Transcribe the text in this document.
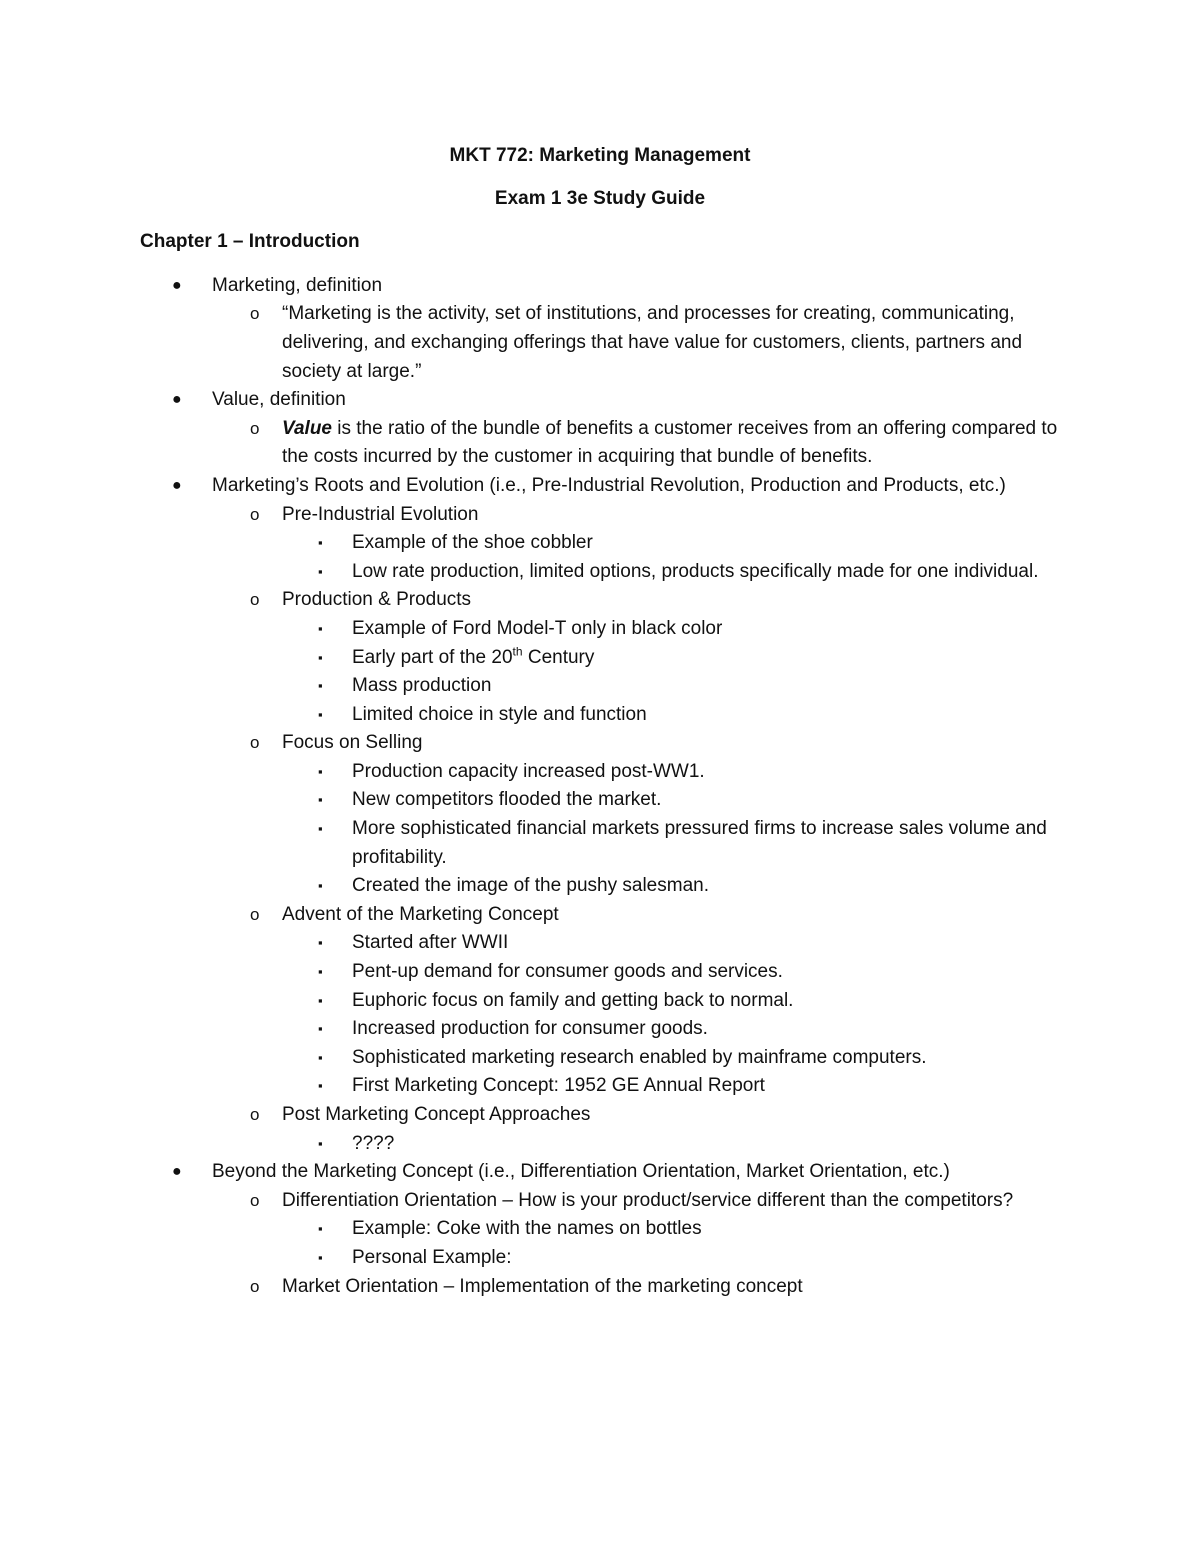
MKT 772: Marketing Management
Exam 1 3e Study Guide
Chapter 1 – Introduction
● Marketing, definition
o “Marketing is the activity, set of institutions, and processes for creating, communicating, delivering, and exchanging offerings that have value for customers, clients, partners and society at large.”
● Value, definition
o Value is the ratio of the bundle of benefits a customer receives from an offering compared to the costs incurred by the customer in acquiring that bundle of benefits.
● Marketing’s Roots and Evolution (i.e., Pre-Industrial Revolution, Production and Products, etc.)
o Pre-Industrial Evolution
▪ Example of the shoe cobbler
▪ Low rate production, limited options, products specifically made for one individual.
o Production & Products
▪ Example of Ford Model-T only in black color
▪ Early part of the 20th Century
▪ Mass production
▪ Limited choice in style and function
o Focus on Selling
▪ Production capacity increased post-WW1.
▪ New competitors flooded the market.
▪ More sophisticated financial markets pressured firms to increase sales volume and profitability.
▪ Created the image of the pushy salesman.
o Advent of the Marketing Concept
▪ Started after WWII
▪ Pent-up demand for consumer goods and services.
▪ Euphoric focus on family and getting back to normal.
▪ Increased production for consumer goods.
▪ Sophisticated marketing research enabled by mainframe computers.
▪ First Marketing Concept: 1952 GE Annual Report
o Post Marketing Concept Approaches
▪ ????
● Beyond the Marketing Concept (i.e., Differentiation Orientation, Market Orientation, etc.)
o Differentiation Orientation – How is your product/service different than the competitors?
▪ Example: Coke with the names on bottles
▪ Personal Example:
o Market Orientation – Implementation of the marketing concept
